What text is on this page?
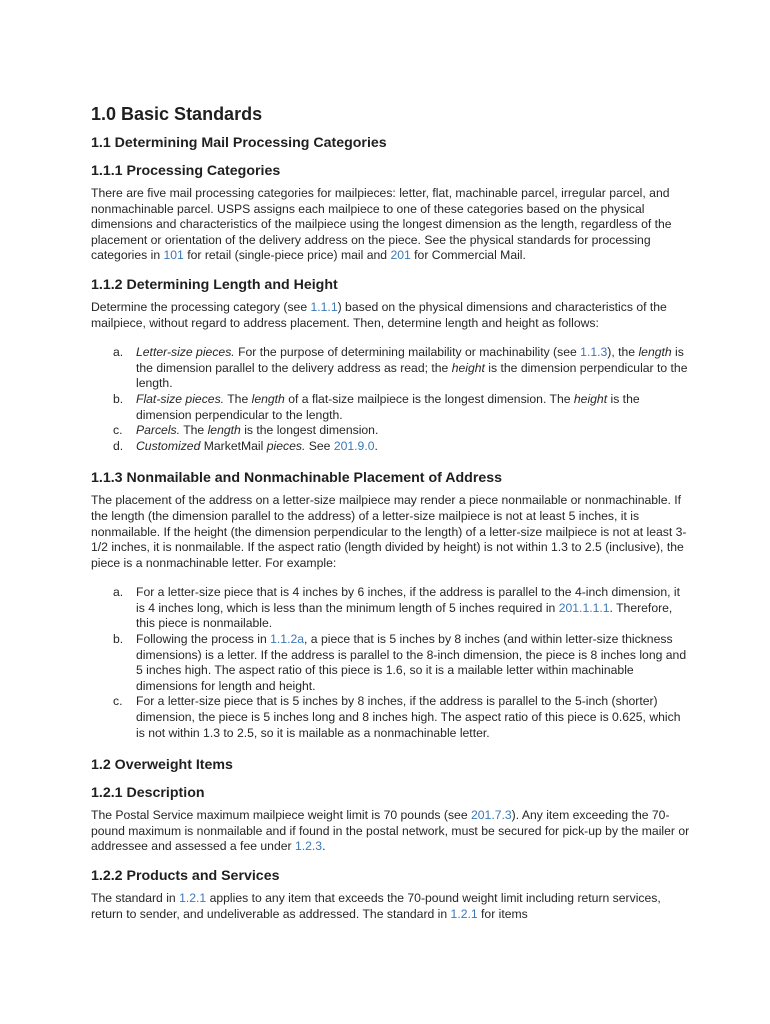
1.0 Basic Standards
1.1 Determining Mail Processing Categories
1.1.1 Processing Categories

There are five mail processing categories for mailpieces: letter, flat, machinable parcel, irregular parcel, and nonmachinable parcel. USPS assigns each mailpiece to one of these categories based on the physical dimensions and characteristics of the mailpiece using the longest dimension as the length, regardless of the placement or orientation of the delivery address on the piece. See the physical standards for processing categories in 101 for retail (single-piece price) mail and 201 for Commercial Mail.

1.1.2 Determining Length and Height

Determine the processing category (see 1.1.1) based on the physical dimensions and characteristics of the mailpiece, without regard to address placement. Then, determine length and height as follows:

a. Letter-size pieces. For the purpose of determining mailability or machinability (see 1.1.3), the length is the dimension parallel to the delivery address as read; the height is the dimension perpendicular to the length.
b. Flat-size pieces. The length of a flat-size mailpiece is the longest dimension. The height is the dimension perpendicular to the length.
c. Parcels. The length is the longest dimension.
d. Customized MarketMail pieces. See 201.9.0.
1.1.3 Nonmailable and Nonmachinable Placement of Address

The placement of the address on a letter-size mailpiece may render a piece nonmailable or nonmachinable. If the length (the dimension parallel to the address) of a letter-size mailpiece is not at least 5 inches, it is nonmailable. If the height (the dimension perpendicular to the length) of a letter-size mailpiece is not at least 3-1/2 inches, it is nonmailable. If the aspect ratio (length divided by height) is not within 1.3 to 2.5 (inclusive), the piece is a nonmachinable letter. For example:

a. For a letter-size piece that is 4 inches by 6 inches, if the address is parallel to the 4-inch dimension, it is 4 inches long, which is less than the minimum length of 5 inches required in 201.1.1.1. Therefore, this piece is nonmailable.
b. Following the process in 1.1.2a, a piece that is 5 inches by 8 inches (and within letter-size thickness dimensions) is a letter. If the address is parallel to the 8-inch dimension, the piece is 8 inches long and 5 inches high. The aspect ratio of this piece is 1.6, so it is a mailable letter within machinable dimensions for length and height.
c. For a letter-size piece that is 5 inches by 8 inches, if the address is parallel to the 5-inch (shorter) dimension, the piece is 5 inches long and 8 inches high. The aspect ratio of this piece is 0.625, which is not within 1.3 to 2.5, so it is mailable as a nonmachinable letter.
1.2 Overweight Items
1.2.1 Description

The Postal Service maximum mailpiece weight limit is 70 pounds (see 201.7.3). Any item exceeding the 70-pound maximum is nonmailable and if found in the postal network, must be secured for pick-up by the mailer or addressee and assessed a fee under 1.2.3.

1.2.2 Products and Services

The standard in 1.2.1 applies to any item that exceeds the 70-pound weight limit including return services, return to sender, and undeliverable as addressed. The standard in 1.2.1 for items
